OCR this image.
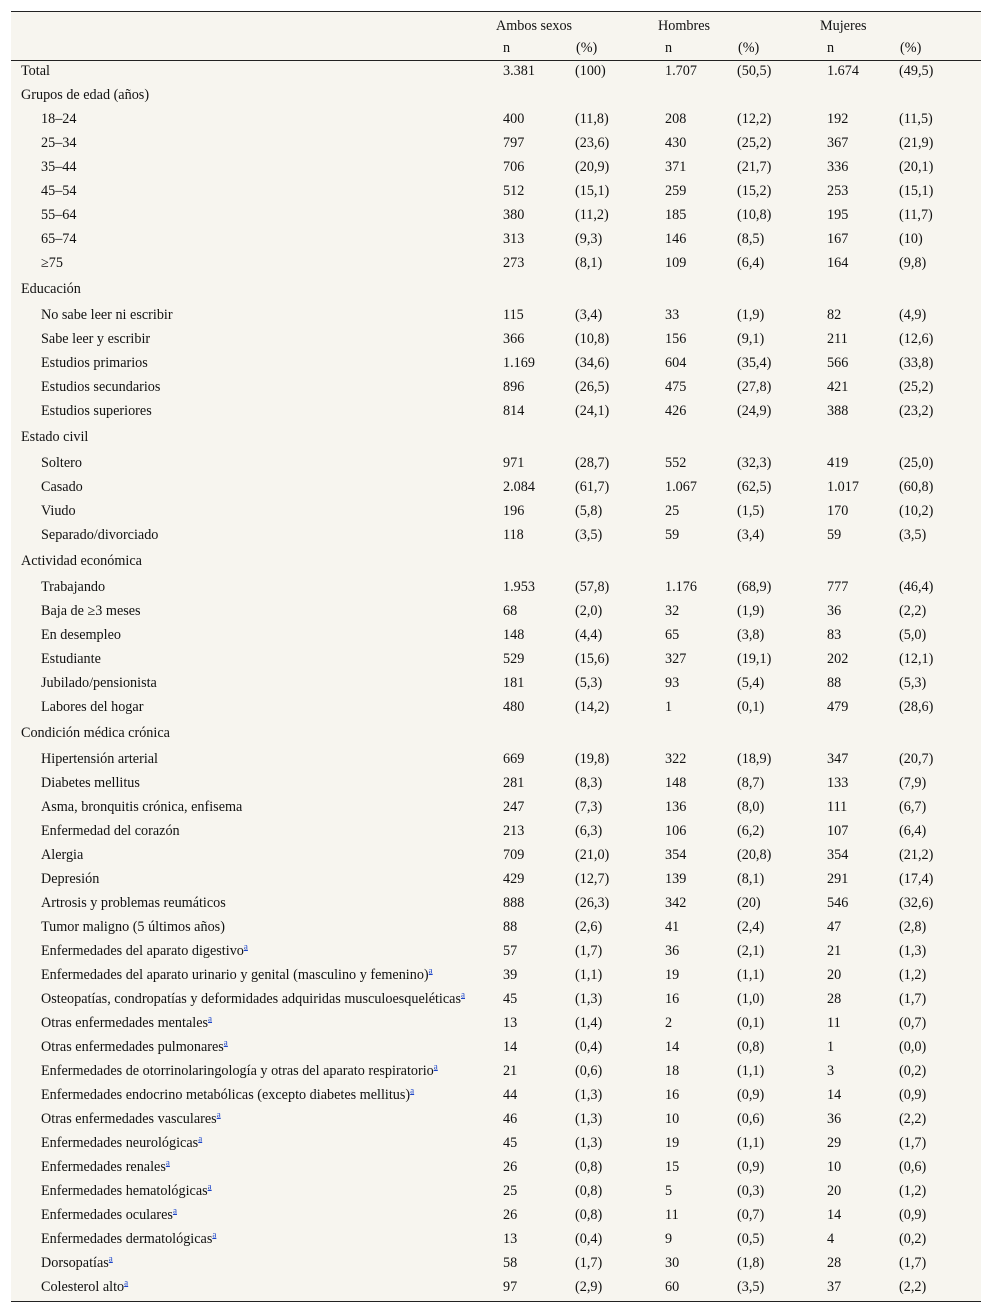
	Ambos sexos		Hombres		Mujeres	
	n	(%)	n	(%)	n	(%)
Total	3.381	(100)	1.707	(50,5)	1.674	(49,5)
Grupos de edad (años)						
18–24	400	(11,8)	208	(12,2)	192	(11,5)
25–34	797	(23,6)	430	(25,2)	367	(21,9)
35–44	706	(20,9)	371	(21,7)	336	(20,1)
45–54	512	(15,1)	259	(15,2)	253	(15,1)
55–64	380	(11,2)	185	(10,8)	195	(11,7)
65–74	313	(9,3)	146	(8,5)	167	(10)
≥75	273	(8,1)	109	(6,4)	164	(9,8)
Educación						
No sabe leer ni escribir	115	(3,4)	33	(1,9)	82	(4,9)
Sabe leer y escribir	366	(10,8)	156	(9,1)	211	(12,6)
Estudios primarios	1.169	(34,6)	604	(35,4)	566	(33,8)
Estudios secundarios	896	(26,5)	475	(27,8)	421	(25,2)
Estudios superiores	814	(24,1)	426	(24,9)	388	(23,2)
Estado civil						
Soltero	971	(28,7)	552	(32,3)	419	(25,0)
Casado	2.084	(61,7)	1.067	(62,5)	1.017	(60,8)
Viudo	196	(5,8)	25	(1,5)	170	(10,2)
Separado/divorciado	118	(3,5)	59	(3,4)	59	(3,5)
Actividad económica						
Trabajando	1.953	(57,8)	1.176	(68,9)	777	(46,4)
Baja de ≥3 meses	68	(2,0)	32	(1,9)	36	(2,2)
En desempleo	148	(4,4)	65	(3,8)	83	(5,0)
Estudiante	529	(15,6)	327	(19,1)	202	(12,1)
Jubilado/pensionista	181	(5,3)	93	(5,4)	88	(5,3)
Labores del hogar	480	(14,2)	1	(0,1)	479	(28,6)
Condición médica crónica						
Hipertensión arterial	669	(19,8)	322	(18,9)	347	(20,7)
Diabetes mellitus	281	(8,3)	148	(8,7)	133	(7,9)
Asma, bronquitis crónica, enfisema	247	(7,3)	136	(8,0)	111	(6,7)
Enfermedad del corazón	213	(6,3)	106	(6,2)	107	(6,4)
Alergia	709	(21,0)	354	(20,8)	354	(21,2)
Depresión	429	(12,7)	139	(8,1)	291	(17,4)
Artrosis y problemas reumáticos	888	(26,3)	342	(20)	546	(32,6)
Tumor maligno (5 últimos años)	88	(2,6)	41	(2,4)	47	(2,8)
Enfermedades del aparato digestivo$^a$	57	(1,7)	36	(2,1)	21	(1,3)
Enfermedades del aparato urinario y genital (masculino y femenino)$^a$	39	(1,1)	19	(1,1)	20	(1,2)
Osteopatías, condropatías y deformidades adquiridas musculoesqueléticas$^a$	45	(1,3)	16	(1,0)	28	(1,7)
Otras enfermedades mentales$^a$	13	(1,4)	2	(0,1)	11	(0,7)
Otras enfermedades pulmonares$^a$	14	(0,4)	14	(0,8)	1	(0,0)
Enfermedades de otorrinolaringología y otras del aparato respiratorio$^a$	21	(0,6)	18	(1,1)	3	(0,2)
Enfermedades endocrino metabólicas (excepto diabetes mellitus)$^a$	44	(1,3)	16	(0,9)	14	(0,9)
Otras enfermedades vasculares$^a$	46	(1,3)	10	(0,6)	36	(2,2)
Enfermedades neurológicas$^a$	45	(1,3)	19	(1,1)	29	(1,7)
Enfermedades renales$^a$	26	(0,8)	15	(0,9)	10	(0,6)
Enfermedades hematológicas$^a$	25	(0,8)	5	(0,3)	20	(1,2)
Enfermedades oculares$^a$	26	(0,8)	11	(0,7)	14	(0,9)
Enfermedades dermatológicas$^a$	13	(0,4)	9	(0,5)	4	(0,2)
Dorsopatías$^a$	58	(1,7)	30	(1,8)	28	(1,7)
Colesterol alto$^a$	97	(2,9)	60	(3,5)	37	(2,2)
